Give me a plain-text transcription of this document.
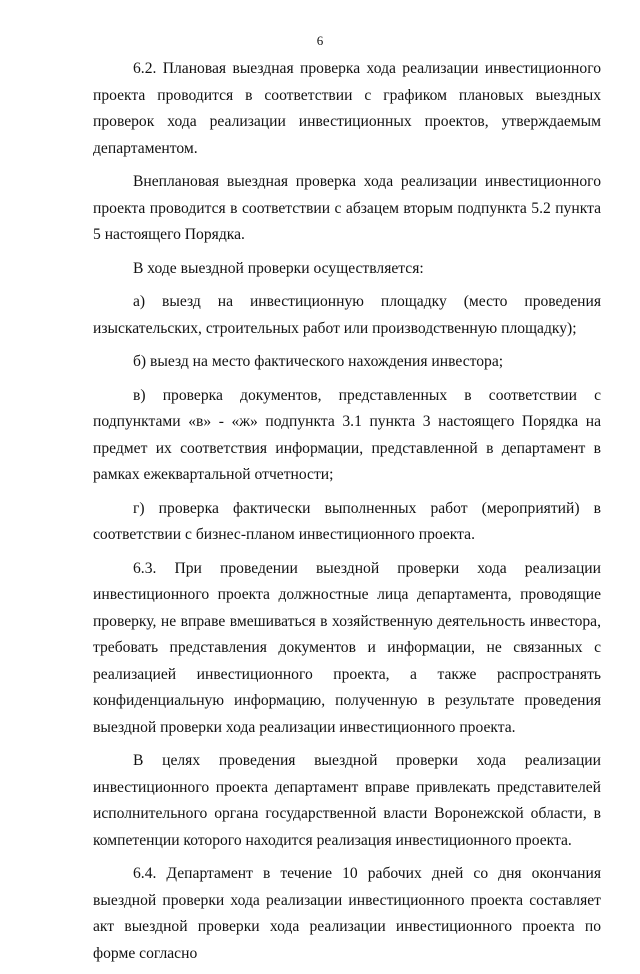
6

6.2. Плановая выездная проверка хода реализации инвестиционного проекта проводится в соответствии с графиком плановых выездных проверок хода реализации инвестиционных проектов, утверждаемым департаментом.

Внеплановая выездная проверка хода реализации инвестиционного проекта проводится в соответствии с абзацем вторым подпункта 5.2 пункта 5 настоящего Порядка.

В ходе выездной проверки осуществляется:

а) выезд на инвестиционную площадку (место проведения изыскательских, строительных работ или производственную площадку);

б) выезд на место фактического нахождения инвестора;

в) проверка документов, представленных в соответствии с подпунктами «в» - «ж» подпункта 3.1 пункта 3 настоящего Порядка на предмет их соответствия информации, представленной в департамент в рамках ежеквартальной отчетности;

г) проверка фактически выполненных работ (мероприятий) в соответствии с бизнес-планом инвестиционного проекта.

6.3. При проведении выездной проверки хода реализации инвестиционного проекта должностные лица департамента, проводящие проверку, не вправе вмешиваться в хозяйственную деятельность инвестора, требовать представления документов и информации, не связанных с реализацией инвестиционного проекта, а также распространять конфиденциальную информацию, полученную в результате проведения выездной проверки хода реализации инвестиционного проекта.

В целях проведения выездной проверки хода реализации инвестиционного проекта департамент вправе привлекать представителей исполнительного органа государственной власти Воронежской области, в компетенции которого находится реализация инвестиционного проекта.

6.4. Департамент в течение 10 рабочих дней со дня окончания выездной проверки хода реализации инвестиционного проекта составляет акт выездной проверки хода реализации инвестиционного проекта по форме согласно
